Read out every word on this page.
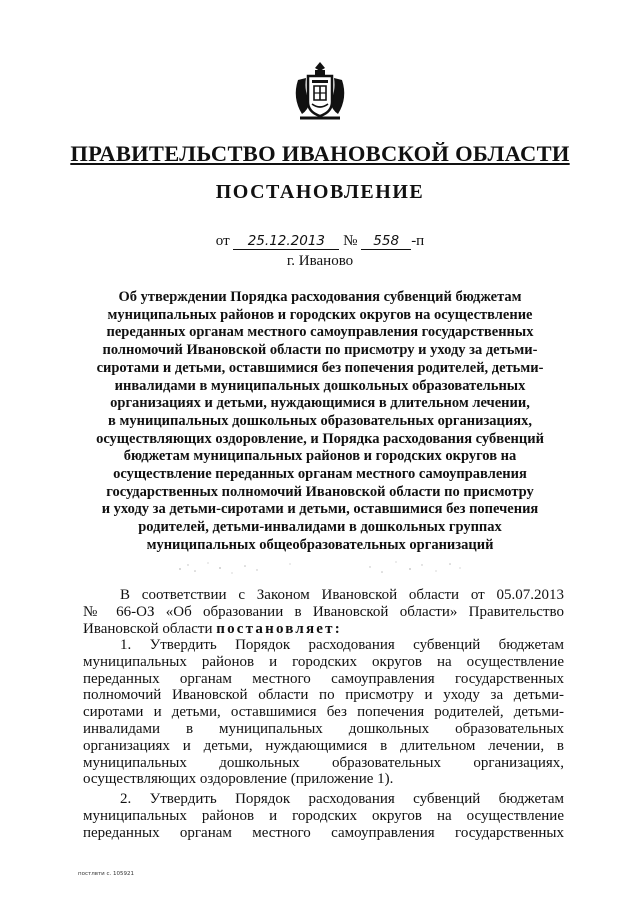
ПРАВИТЕЛЬСТВО ИВАНОВСКОЙ ОБЛАСТИ
ПОСТАНОВЛЕНИЕ
от 25.12.2013 № 558 -п
г. Иваново
Об утверждении Порядка расходования субвенций бюджетам
муниципальных районов и городских округов на осуществление
переданных органам местного самоуправления государственных
полномочий Ивановской области по присмотру и уходу за детьми-
сиротами и детьми, оставшимися без попечения родителей, детьми-
инвалидами в муниципальных дошкольных образовательных
организациях и детьми, нуждающимися в длительном лечении,
в муниципальных дошкольных образовательных организациях,
осуществляющих оздоровление, и Порядка расходования субвенций
бюджетам муниципальных районов и городских округов на
осуществление переданных органам местного самоуправления
государственных полномочий Ивановской области по присмотру
и уходу за детьми-сиротами и детьми, оставшимися без попечения
родителей, детьми-инвалидами в дошкольных группах
муниципальных общеобразовательных организаций
В соответствии с Законом Ивановской области от 05.07.2013
№ 66-ОЗ «Об образовании в Ивановской области» Правительство
Ивановской области постановляет:
1. Утвердить Порядок расходования субвенций бюджетам
муниципальных районов и городских округов на осуществление
переданных органам местного самоуправления государственных
полномочий Ивановской области по присмотру и уходу за детьми-
сиротами и детьми, оставшимися без попечения родителей, детьми-
инвалидами в муниципальных дошкольных образовательных
организациях и детьми, нуждающимися в длительном лечении, в
муниципальных дошкольных образовательных организациях,
осуществляющих оздоровление (приложение 1).
2. Утвердить Порядок расходования субвенций бюджетам
муниципальных районов и городских округов на осуществление
переданных органам местного самоуправления государственных
постлвти с. 105921
